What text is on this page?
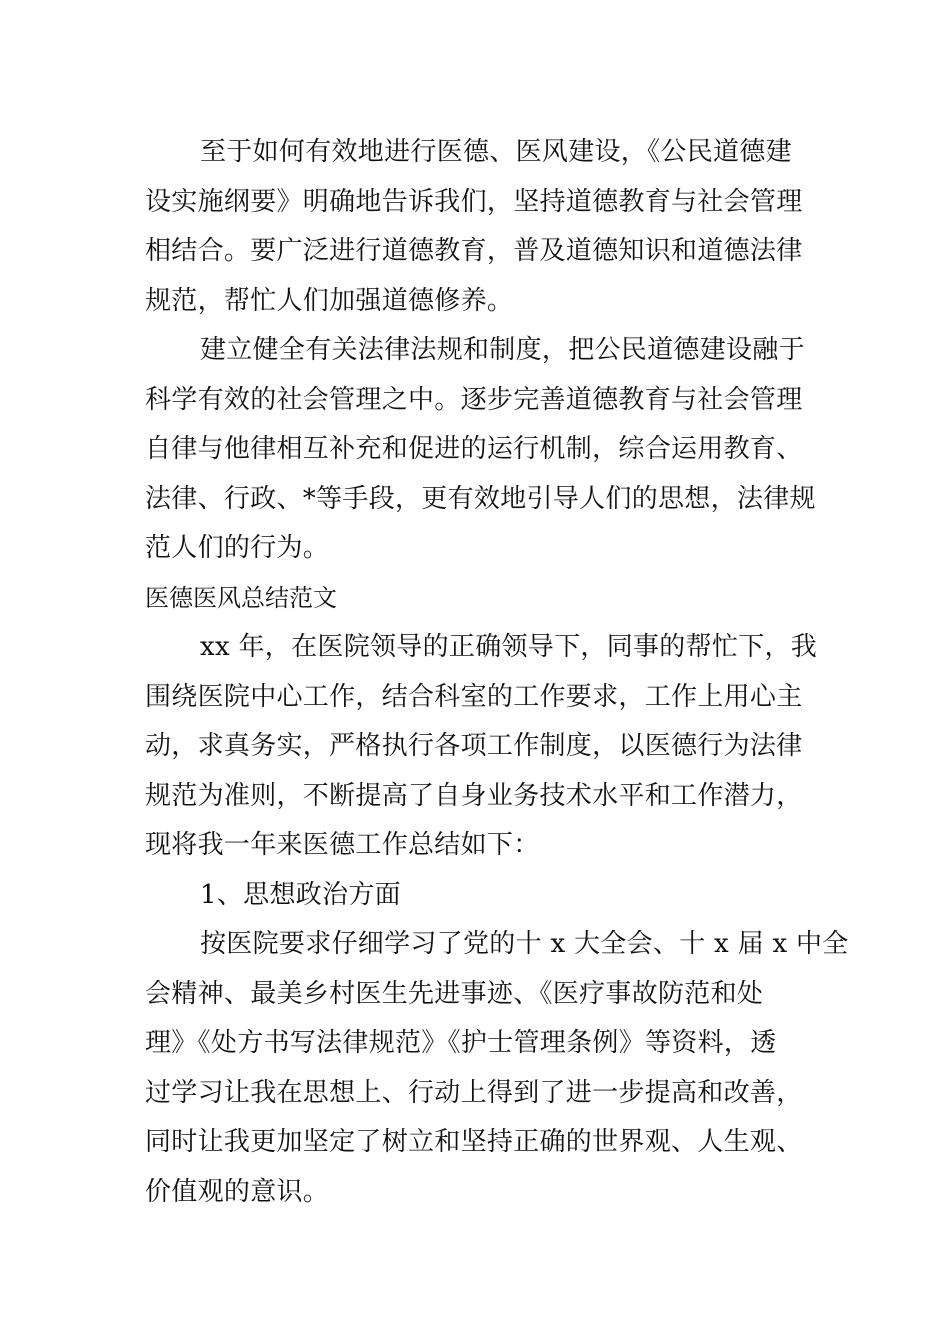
至于如何有效地进行医德、医风建设，《公民道德建
设实施纲要》明确地告诉我们，坚持道德教育与社会管理
相结合。要广泛进行道德教育，普及道德知识和道德法律
规范，帮忙人们加强道德修养。
建立健全有关法律法规和制度，把公民道德建设融于
科学有效的社会管理之中。逐步完善道德教育与社会管理
自律与他律相互补充和促进的运行机制，综合运用教育、
法律、行政、*等手段，更有效地引导人们的思想，法律规
范人们的行为。
医德医风总结范文
xx 年，在医院领导的正确领导下，同事的帮忙下，我
围绕医院中心工作，结合科室的工作要求，工作上用心主
动，求真务实，严格执行各项工作制度，以医德行为法律
规范为准则，不断提高了自身业务技术水平和工作潜力，
现将我一年来医德工作总结如下：
1、思想政治方面
按医院要求仔细学习了党的十 x 大全会、十 x 届 x 中全
会精神、最美乡村医生先进事迹、《医疗事故防范和处
理》《处方书写法律规范》《护士管理条例》等资料，透
过学习让我在思想上、行动上得到了进一步提高和改善，
同时让我更加坚定了树立和坚持正确的世界观、人生观、
价值观的意识。
